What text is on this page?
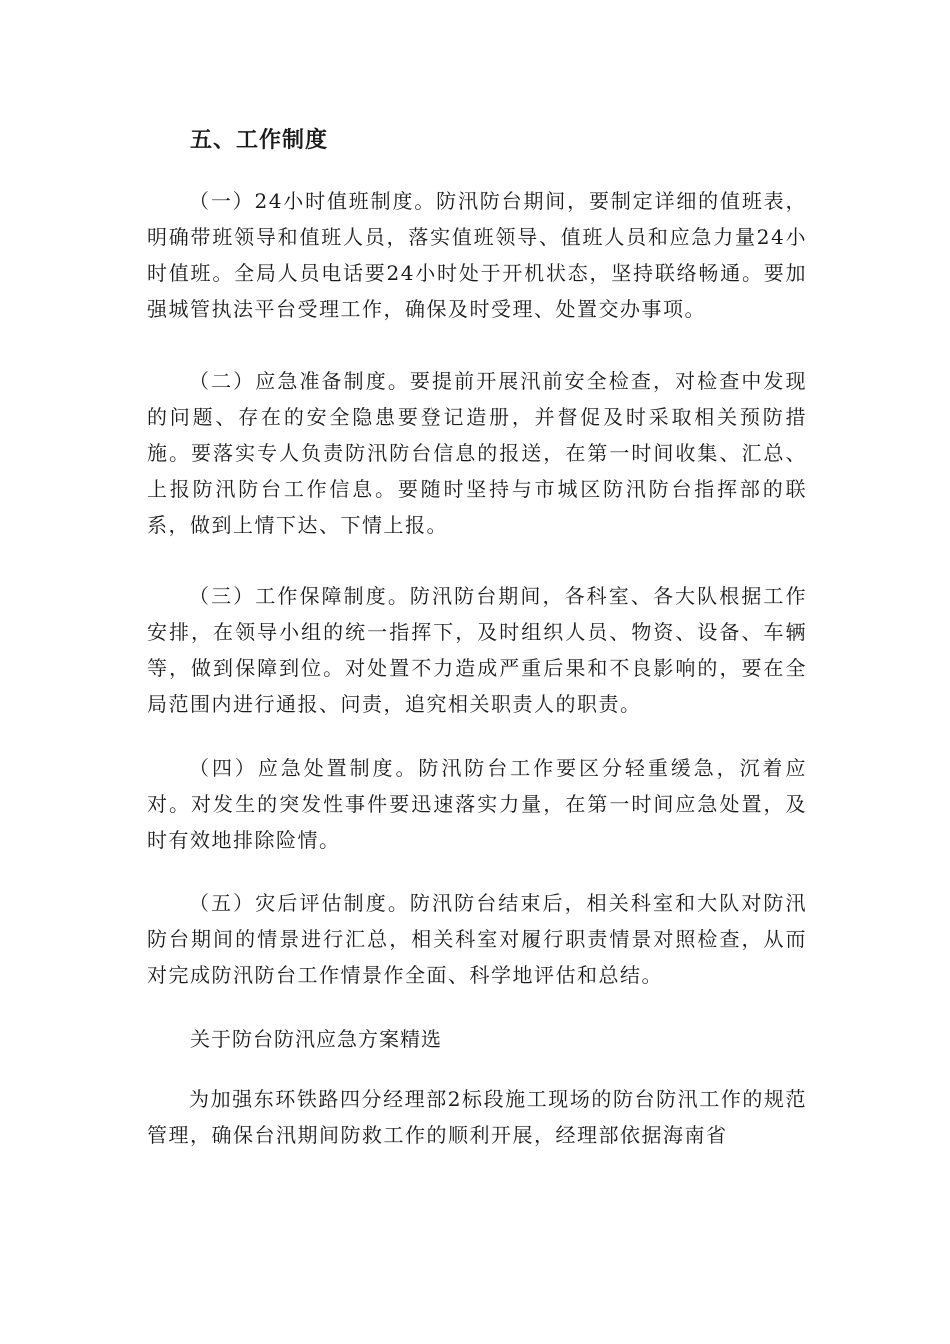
五、工作制度

（一）24小时值班制度。防汛防台期间，要制定详细的值班表，明确带班领导和值班人员，落实值班领导、值班人员和应急力量24小时值班。全局人员电话要24小时处于开机状态，坚持联络畅通。要加强城管执法平台受理工作，确保及时受理、处置交办事项。

（二）应急准备制度。要提前开展汛前安全检查，对检查中发现的问题、存在的安全隐患要登记造册，并督促及时采取相关预防措施。要落实专人负责防汛防台信息的报送，在第一时间收集、汇总、上报防汛防台工作信息。要随时坚持与市城区防汛防台指挥部的联系，做到上情下达、下情上报。

（三）工作保障制度。防汛防台期间，各科室、各大队根据工作安排，在领导小组的统一指挥下，及时组织人员、物资、设备、车辆等，做到保障到位。对处置不力造成严重后果和不良影响的，要在全局范围内进行通报、问责，追究相关职责人的职责。

（四）应急处置制度。防汛防台工作要区分轻重缓急，沉着应对。对发生的突发性事件要迅速落实力量，在第一时间应急处置，及时有效地排除险情。

（五）灾后评估制度。防汛防台结束后，相关科室和大队对防汛防台期间的情景进行汇总，相关科室对履行职责情景对照检查，从而对完成防汛防台工作情景作全面、科学地评估和总结。

关于防台防汛应急方案精选

为加强东环铁路四分经理部2标段施工现场的防台防汛工作的规范管理，确保台汛期间防救工作的顺利开展，经理部依据海南省
